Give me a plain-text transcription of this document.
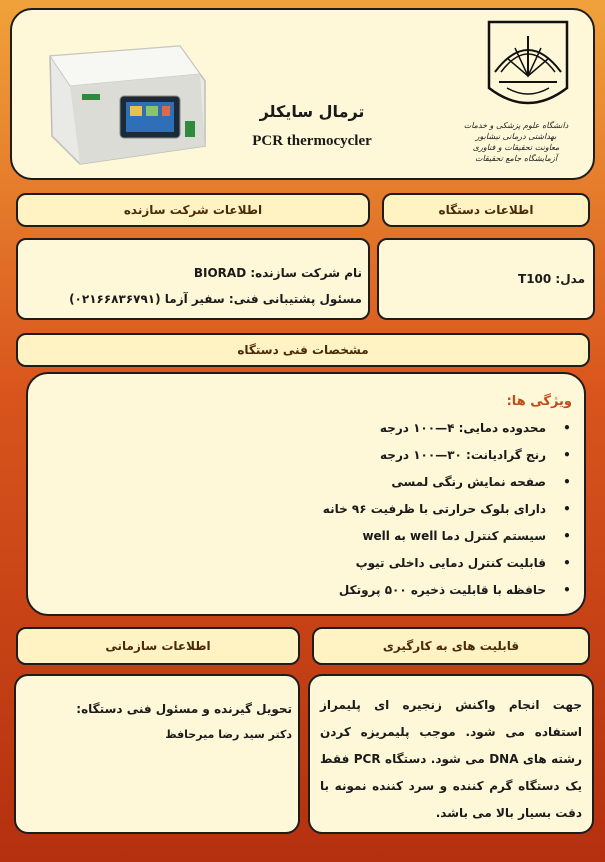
ترمال سایکلر
PCR thermocycler
دانشگاه علوم پزشکی و خدمات بهداشتی درمانی نیشابور
معاونت تحقیقات و فناوری
آزمایشگاه جامع تحقیقات
اطلاعات دستگاه
اطلاعات شرکت سازنده
مدل: T100
نام شرکت سازنده: BIORAD
مسئول پشتیبانی فنی: سفیر آزما (۰۲۱۶۶۸۳۶۷۹۱)
مشخصات فنی دستگاه
ویژگی ها:
•
محدوده دمایی: ۴—۱۰۰ درجه
•
رنج گرادیانت: ۳۰—۱۰۰ درجه
•
صفحه نمایش رنگی لمسی
•
دارای بلوک حرارتی با ظرفیت ۹۶ خانه
•
سیستم کنترل دما well به well
•
قابلیت کنترل دمایی داخلی تیوپ
•
حافظه با قابلیت ذخیره ۵۰۰ پروتکل
قابلیت های به کارگیری
اطلاعات سازمانی
جهت انجام واکنش زنجیره ای پلیمراز استفاده می شود. موجب پلیمریزه کردن رشته های DNA می شود. دستگاه PCR فقط یک دستگاه گرم کننده و سرد کننده نمونه با دقت بسیار بالا می باشد.
تحویل گیرنده و مسئول فنی دستگاه:
دکتر سید رضا میرحافظ
